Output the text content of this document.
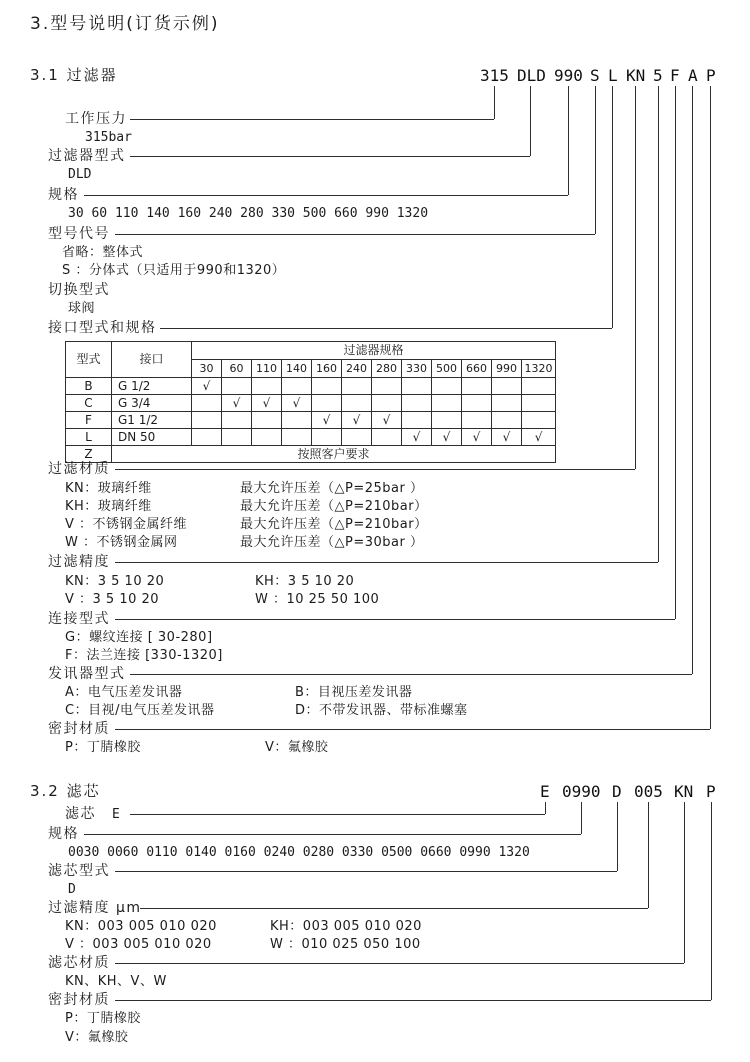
3.型号说明(订货示例)
3.1 过滤器	315 DLD 990 S L KN 5 F A P
工作压力
315bar
过滤器型式
DLD
规格
30 60 110 140 160 240 280 330 500 660 990 1320
型号代号
省略：整体式
S ：分体式（只适用于990和1320）
切换型式
球阀
接口型式和规格
型式	接口	过滤器规格											
		30	60	110	140	160	240	280	330	500	660	990	1320
B	G 1/2	√											
C	G 3/4		√	√	√								
F	G1 1/2					√	√	√					
L	DN 50								√	√	√	√	√
Z	按照客户要求												
过滤材质
KN：玻璃纤维	最大允许压差（△P=25bar ）
KH：玻璃纤维	最大允许压差（△P=210bar）
V ：不锈钢金属纤维	最大允许压差（△P=210bar）
W ：不锈钢金属网	最大允许压差（△P=30bar ）
过滤精度
KN：3 5 10 20	KH：3 5 10 20
V ：3 5 10 20	W ：10 25 50 100
连接型式
G：螺纹连接 [ 30-280]
F：法兰连接 [330-1320]
发讯器型式
A：电气压差发讯器	B：目视压差发讯器
C：目视/电气压差发讯器	D：不带发讯器、带标准螺塞
密封材质
P：丁腈橡胶	V：氟橡胶
3.2 滤芯	E 0990 D 005 KN P
滤芯 E
规格
0030 0060 0110 0140 0160 0240 0280 0330 0500 0660 0990 1320
滤芯型式
D
过滤精度 μm
KN：003 005 010 020	KH：003 005 010 020
V ：003 005 010 020	W ：010 025 050 100
滤芯材质
KN、KH、V、W
密封材质
P：丁腈橡胶
V：氟橡胶
